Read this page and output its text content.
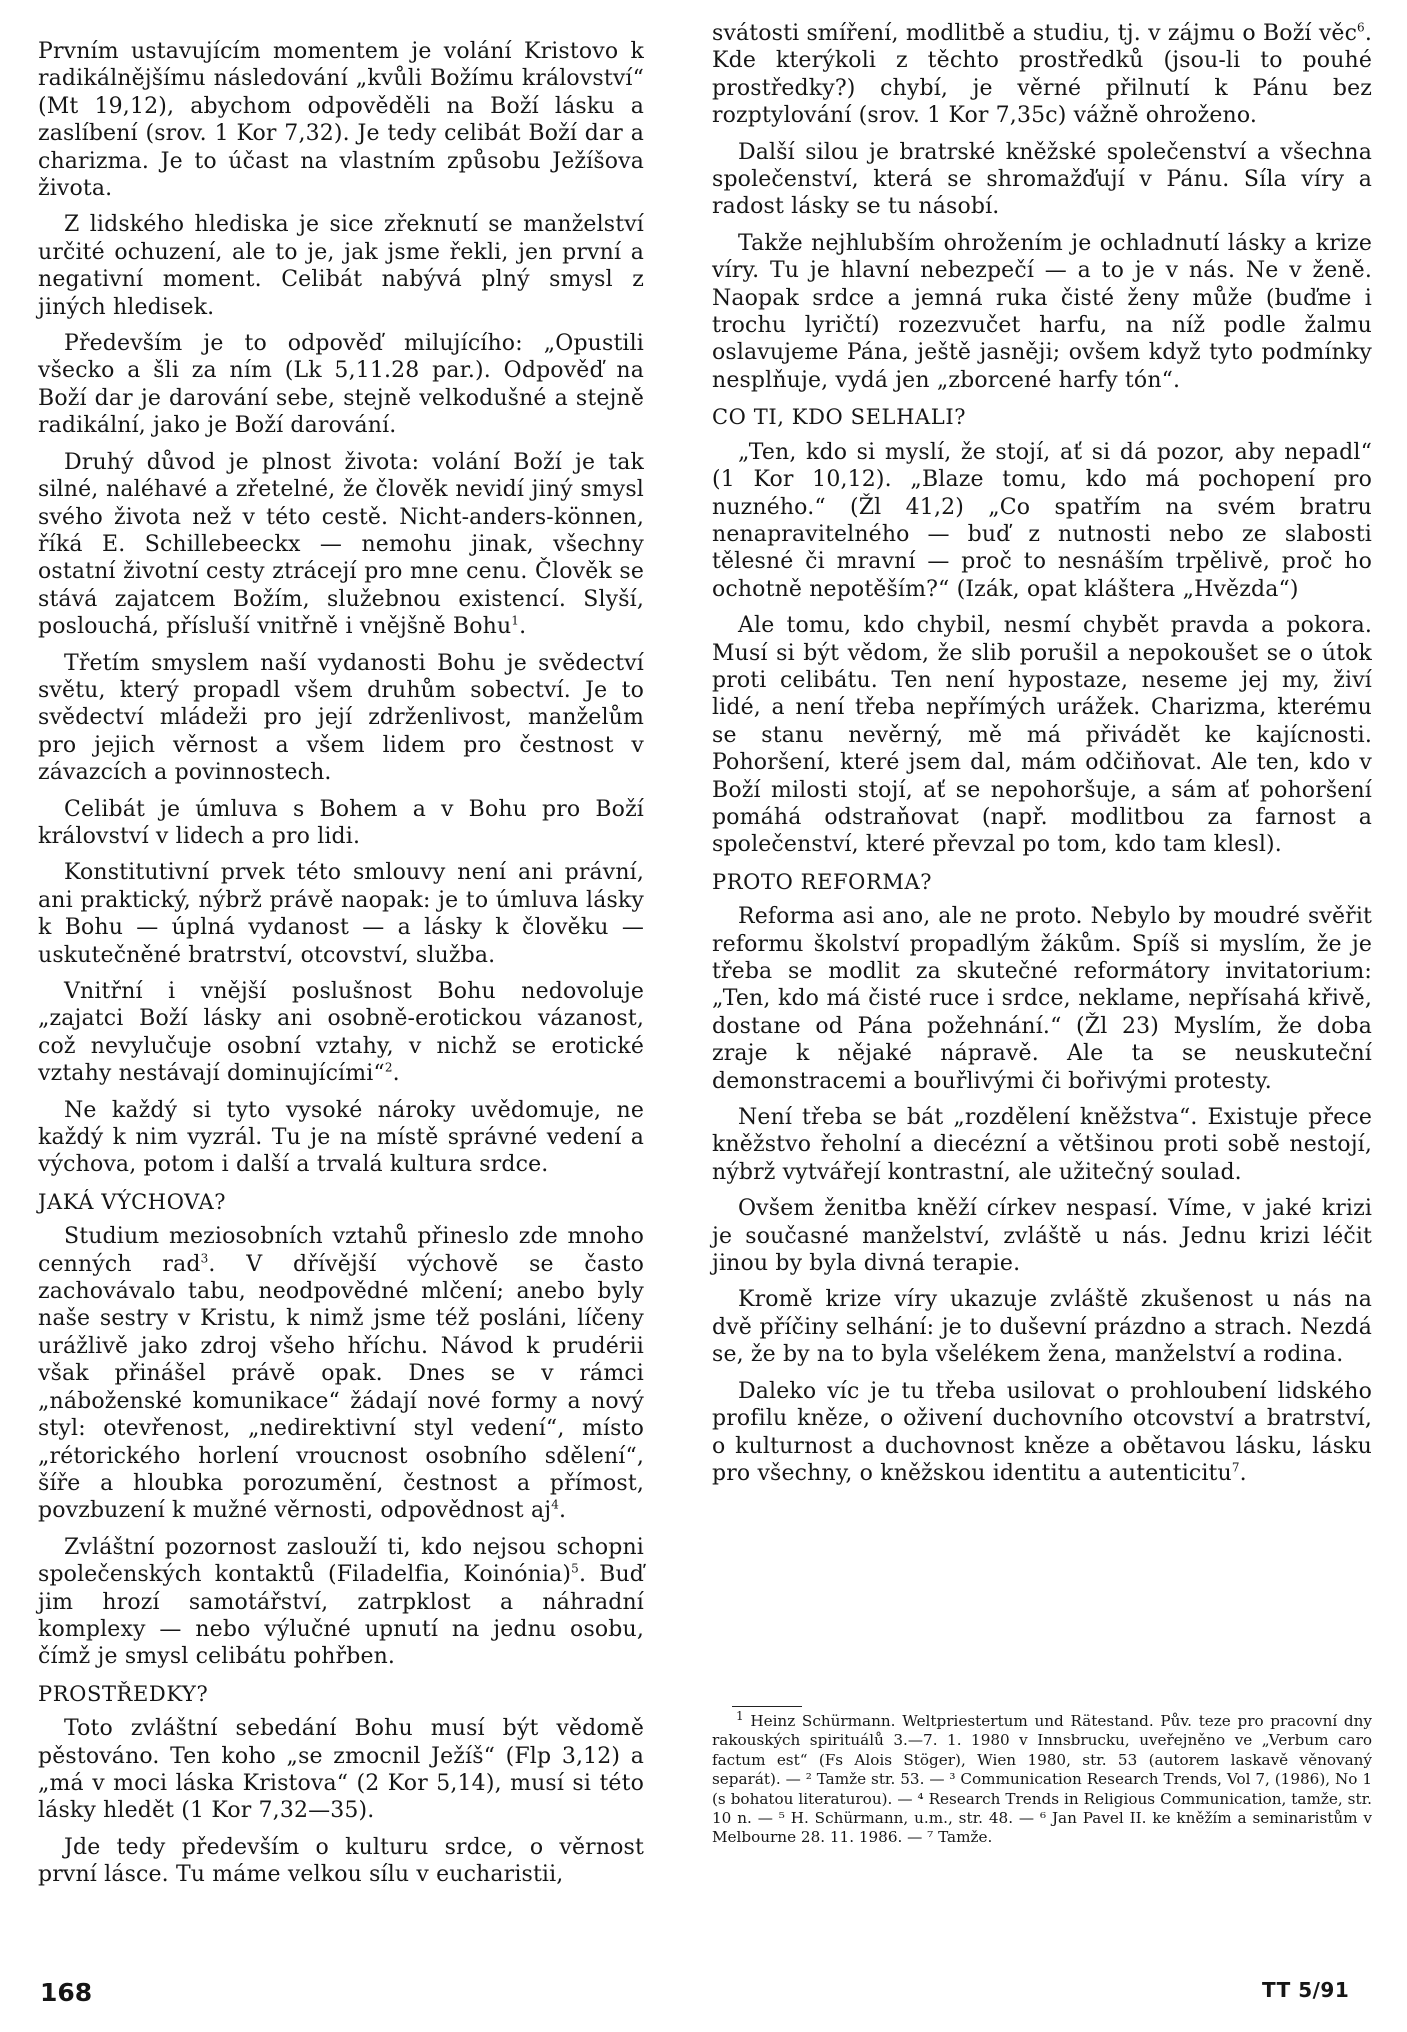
Prvním ustavujícím momentem je volání Kristovo k radikálnějšímu následování „kvůli Božímu království“ (Mt 19,12), abychom odpověděli na Boží lásku a zaslíbení (srov. 1 Kor 7,32). Je tedy celibát Boží dar a charizma. Je to účast na vlastním způsobu Ježíšova života.

Z lidského hlediska je sice zřeknutí se manželství určité ochuzení, ale to je, jak jsme řekli, jen první a negativní moment. Celibát nabývá plný smysl z jiných hledisek.

Především je to odpověď milujícího: „Opustili všecko a šli za ním (Lk 5,11.28 par.). Odpověď na Boží dar je darování sebe, stejně velkodušné a stejně radikální, jako je Boží darování.

Druhý důvod je plnost života: volání Boží je tak silné, naléhavé a zřetelné, že člověk nevidí jiný smysl svého života než v této cestě. Nicht-anders-können, říká E. Schillebeeckx — nemohu jinak, všechny ostatní životní cesty ztrácejí pro mne cenu. Člověk se stává zajatcem Božím, služebnou existencí. Slyší, poslouchá, přísluší vnitřně i vnějšně Bohu$^1$.

Třetím smyslem naší vydanosti Bohu je svědectví světu, který propadl všem druhům sobectví. Je to svědectví mládeži pro její zdrženlivost, manželům pro jejich věrnost a všem lidem pro čestnost v závazcích a povinnostech.

Celibát je úmluva s Bohem a v Bohu pro Boží království v lidech a pro lidi.

Konstitutivní prvek této smlouvy není ani právní, ani praktický, nýbrž právě naopak: je to úmluva lásky k Bohu — úplná vydanost — a lásky k člověku — uskutečněné bratrství, otcovství, služba.

Vnitřní i vnější poslušnost Bohu nedovoluje „zajatci Boží lásky ani osobně-erotickou vázanost, což nevylučuje osobní vztahy, v nichž se erotické vztahy nestávají dominujícími“$^2$.

Ne každý si tyto vysoké nároky uvědomuje, ne každý k nim vyzrál. Tu je na místě správné vedení a výchova, potom i další a trvalá kultura srdce.

JAKÁ VÝCHOVA?

Studium meziosobních vztahů přineslo zde mnoho cenných rad$^3$. V dřívější výchově se často zachovávalo tabu, neodpovědné mlčení; anebo byly naše sestry v Kristu, k nimž jsme též posláni, líčeny urážlivě jako zdroj všeho hříchu. Návod k prudérii však přinášel právě opak. Dnes se v rámci „náboženské komunikace“ žádají nové formy a nový styl: otevřenost, „nedirektivní styl vedení“, místo „rétorického horlení vroucnost osobního sdělení“, šíře a hloubka porozumění, čestnost a přímost, povzbuzení k mužné věrnosti, odpovědnost $aj^4$.

Zvláštní pozornost zaslouží ti, kdo nejsou schopni společenských kontaktů (Filadelfia, Koinónia)$^5$. Buď jim hrozí samotářství, zatrpklost a náhradní komplexy — nebo výlučné upnutí na jednu osobu, čímž je smysl celibátu pohřben.

PROSTŘEDKY?

Toto zvláštní sebedání Bohu musí být vědomě pěstováno. Ten koho „se zmocnil Ježíš“ (Flp 3,12) a „má v moci láska Kristova“ (2 Kor 5,14), musí si této lásky hledět (1 Kor 7,32—35).

Jde tedy především o kulturu srdce, o věrnost první lásce. Tu máme velkou sílu v eucharistii,

svátosti smíření, modlitbě a studiu, tj. v zájmu o Boží věc$^6$. Kde kterýkoli z těchto prostředků (jsou-li to pouhé prostředky?) chybí, je věrné přilnutí k Pánu bez rozptylování (srov. 1 Kor 7,35c) vážně ohroženo.

Další silou je bratrské kněžské společenství a všechna společenství, která se shromažďují v Pánu. Síla víry a radost lásky se tu násobí.

Takže nejhlubším ohrožením je ochladnutí lásky a krize víry. Tu je hlavní nebezpečí — a to je v nás. Ne v ženě. Naopak srdce a jemná ruka čisté ženy může (buďme i trochu lyričtí) rozezvučet harfu, na níž podle žalmu oslavujeme Pána, ještě jasněji; ovšem když tyto podmínky nesplňuje, vydá jen „zborcené harfy tón“.

CO TI, KDO SELHALI?

„Ten, kdo si myslí, že stojí, ať si dá pozor, aby nepadl“ (1 Kor 10,12). „Blaze tomu, kdo má pochopení pro nuzného.“ (Žl 41,2) „Co spatřím na svém bratru nenapravitelného — buď z nutnosti nebo ze slabosti tělesné či mravní — proč to nesnáším trpělivě, proč ho ochotně nepotěším?“ (Izák, opat kláštera „Hvězda“)

Ale tomu, kdo chybil, nesmí chybět pravda a pokora. Musí si být vědom, že slib porušil a nepokoušet se o útok proti celibátu. Ten není hypostaze, neseme jej my, živí lidé, a není třeba nepřímých urážek. Charizma, kterému se stanu nevěrný, mě má přivádět ke kajícnosti. Pohoršení, které jsem dal, mám odčiňovat. Ale ten, kdo v Boží milosti stojí, ať se nepohoršuje, a sám ať pohoršení pomáhá odstraňovat (např. modlitbou za farnost a společenství, které převzal po tom, kdo tam klesl).

PROTO REFORMA?

Reforma asi ano, ale ne proto. Nebylo by moudré svěřit reformu školství propadlým žákům. Spíš si myslím, že je třeba se modlit za skutečné reformátory invitatorium: „Ten, kdo má čisté ruce i srdce, neklame, nepřísahá křivě, dostane od Pána požehnání.“ (Žl 23) Myslím, že doba zraje k nějaké nápravě. Ale ta se neuskuteční demonstracemi a bouřlivými či bořivými protesty.

Není třeba se bát „rozdělení kněžstva“. Existuje přece kněžstvo řeholní a diecézní a většinou proti sobě nestojí, nýbrž vytvářejí kontrastní, ale užitečný soulad.

Ovšem ženitba kněží církev nespasí. Víme, v jaké krizi je současné manželství, zvláště u nás. Jednu krizi léčit jinou by byla divná terapie.

Kromě krize víry ukazuje zvláště zkušenost u nás na dvě příčiny selhání: je to duševní prázdno a strach. Nezdá se, že by na to byla všelékem žena, manželství a rodina.

Daleko víc je tu třeba usilovat o prohloubení lidského profilu kněze, o oživení duchovního otcovství a bratrství, o kulturnost a duchovnost kněze a obětavou lásku, lásku pro všechny, o kněžskou identitu a autenticitu$^7$.

$^1$ Heinz Schürmann. Weltpriestertum und Rätestand. Pův. teze pro pracovní dny rakouských spirituálů 3.—7. 1. 1980 v Innsbrucku, uveřejněno ve „Verbum caro factum est“ (Fs Alois Stöger), Wien 1980, str. 53 (autorem laskavě věnovaný separát). — ² Tamže str. 53. — ³ Communication Research Trends, Vol 7, (1986), No 1 (s bohatou literaturou). — ⁴ Research Trends in Religious Communication, tamže, str. 10 n. — ⁵ H. Schürmann, u.m., str. 48. — ⁶ Jan Pavel II. ke kněžím a seminaristům v Melbourne 28. 11. 1986. — ⁷ Tamže.

168	TT 5/91
